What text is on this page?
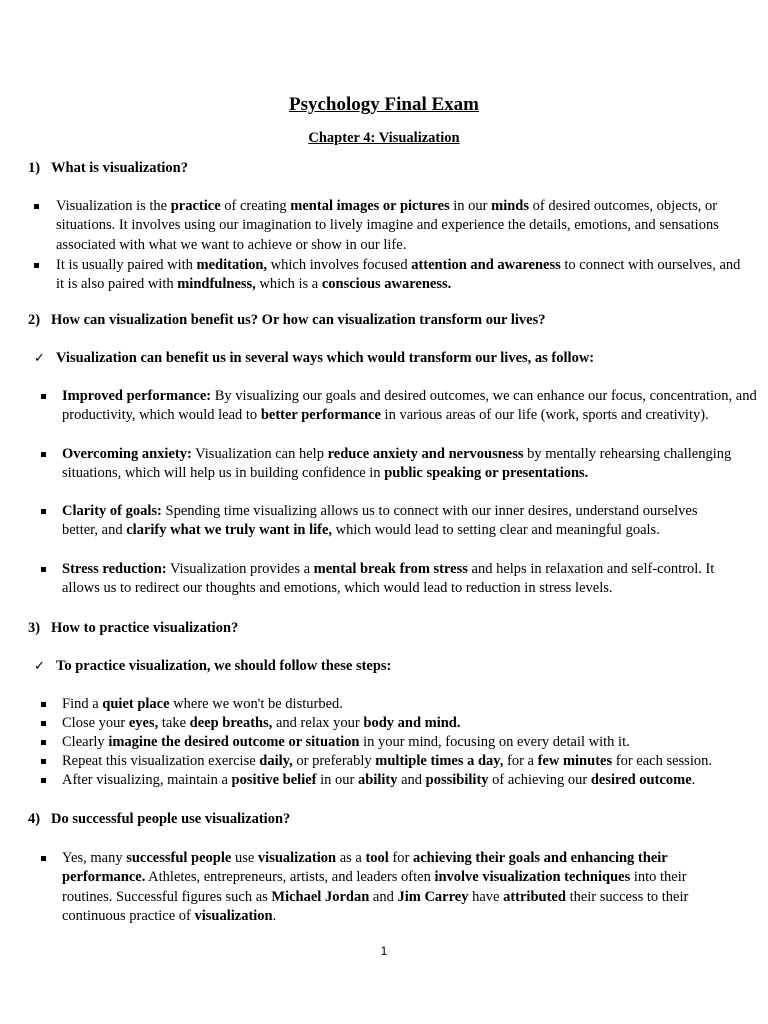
Psychology Final Exam
Chapter 4: Visualization
1) What is visualization?
Visualization is the practice of creating mental images or pictures in our minds of desired outcomes, objects, or situations. It involves using our imagination to lively imagine and experience the details, emotions, and sensations associated with what we want to achieve or show in our life.
It is usually paired with meditation, which involves focused attention and awareness to connect with ourselves, and it is also paired with mindfulness, which is a conscious awareness.
2) How can visualization benefit us? Or how can visualization transform our lives?
✓ Visualization can benefit us in several ways which would transform our lives, as follow:
Improved performance: By visualizing our goals and desired outcomes, we can enhance our focus, concentration, and productivity, which would lead to better performance in various areas of our life (work, sports and creativity).
Overcoming anxiety: Visualization can help reduce anxiety and nervousness by mentally rehearsing challenging situations, which will help us in building confidence in public speaking or presentations.
Clarity of goals: Spending time visualizing allows us to connect with our inner desires, understand ourselves better, and clarify what we truly want in life, which would lead to setting clear and meaningful goals.
Stress reduction: Visualization provides a mental break from stress and helps in relaxation and self-control. It allows us to redirect our thoughts and emotions, which would lead to reduction in stress levels.
3) How to practice visualization?
✓ To practice visualization, we should follow these steps:
Find a quiet place where we won't be disturbed.
Close your eyes, take deep breaths, and relax your body and mind.
Clearly imagine the desired outcome or situation in your mind, focusing on every detail with it.
Repeat this visualization exercise daily, or preferably multiple times a day, for a few minutes for each session.
After visualizing, maintain a positive belief in our ability and possibility of achieving our desired outcome.
4) Do successful people use visualization?
Yes, many successful people use visualization as a tool for achieving their goals and enhancing their performance. Athletes, entrepreneurs, artists, and leaders often involve visualization techniques into their routines. Successful figures such as Michael Jordan and Jim Carrey have attributed their success to their continuous practice of visualization.
1
